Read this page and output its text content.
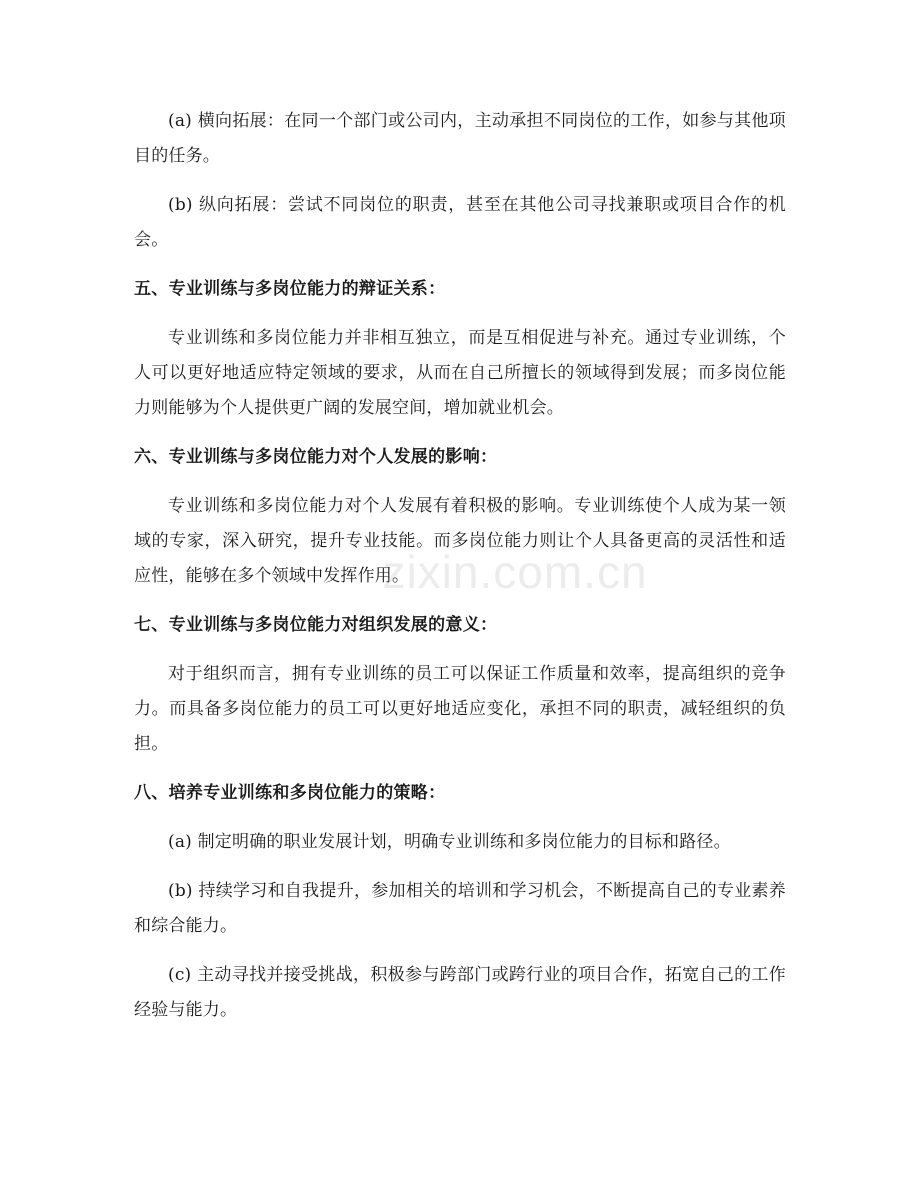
(a) 横向拓展：在同一个部门或公司内，主动承担不同岗位的工作，如参与其他项目的任务。

(b) 纵向拓展：尝试不同岗位的职责，甚至在其他公司寻找兼职或项目合作的机会。

五、专业训练与多岗位能力的辩证关系：

专业训练和多岗位能力并非相互独立，而是互相促进与补充。通过专业训练，个人可以更好地适应特定领域的要求，从而在自己所擅长的领域得到发展；而多岗位能力则能够为个人提供更广阔的发展空间，增加就业机会。

六、专业训练与多岗位能力对个人发展的影响：

专业训练和多岗位能力对个人发展有着积极的影响。专业训练使个人成为某一领域的专家，深入研究，提升专业技能。而多岗位能力则让个人具备更高的灵活性和适应性，能够在多个领域中发挥作用。

七、专业训练与多岗位能力对组织发展的意义：

对于组织而言，拥有专业训练的员工可以保证工作质量和效率，提高组织的竞争力。而具备多岗位能力的员工可以更好地适应变化，承担不同的职责，减轻组织的负担。

八、培养专业训练和多岗位能力的策略：

(a) 制定明确的职业发展计划，明确专业训练和多岗位能力的目标和路径。

(b) 持续学习和自我提升，参加相关的培训和学习机会，不断提高自己的专业素养和综合能力。

(c) 主动寻找并接受挑战，积极参与跨部门或跨行业的项目合作，拓宽自己的工作经验与能力。

zixin.com.cn
